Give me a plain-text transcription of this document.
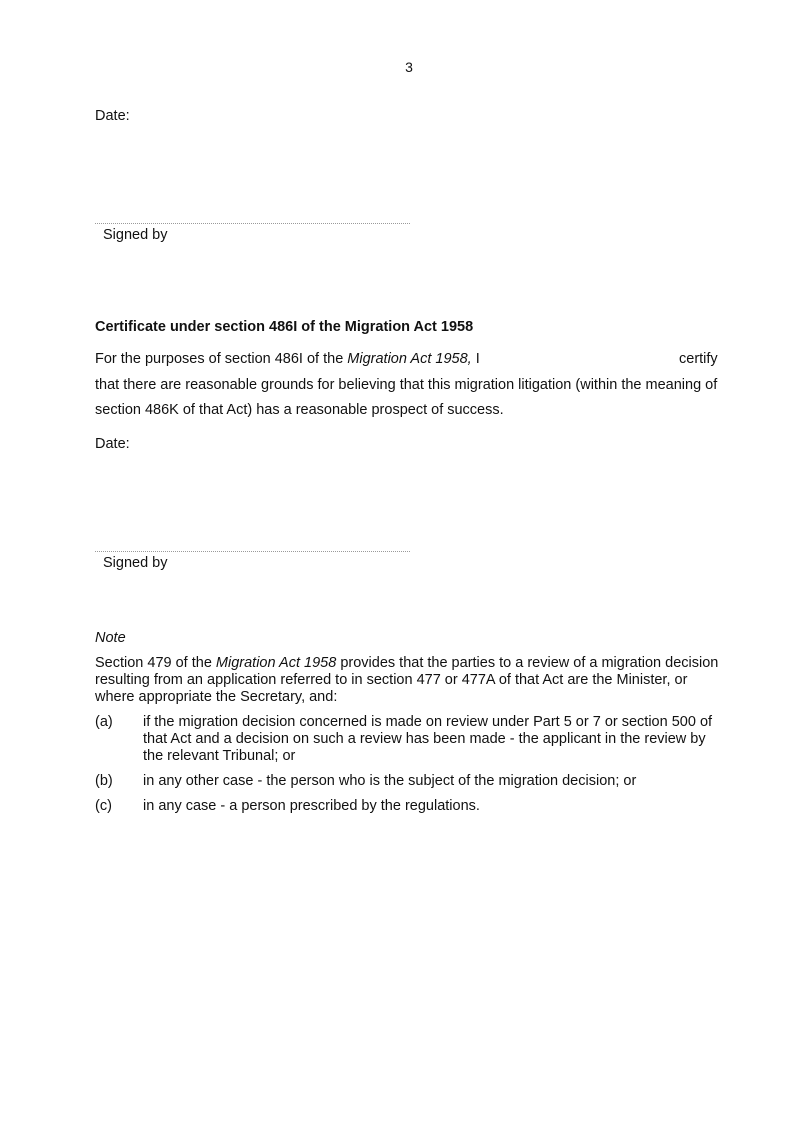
3
Date:
Signed by
Certificate under section 486I of the Migration Act 1958
For the purposes of section 486I of the Migration Act 1958, I	certify

that there are reasonable grounds for believing that this migration litigation (within the meaning of section 486K of that Act) has a reasonable prospect of success.
Date:
Signed by
Note
Section 479 of the Migration Act 1958 provides that the parties to a review of a migration decision resulting from an application referred to in section 477 or 477A of that Act are the Minister, or where appropriate the Secretary, and:
(a)	if the migration decision concerned is made on review under Part 5 or 7 or section 500 of that Act and a decision on such a review has been made - the applicant in the review by the relevant Tribunal; or
(b)	in any other case - the person who is the subject of the migration decision; or
(c)	in any case - a person prescribed by the regulations.
